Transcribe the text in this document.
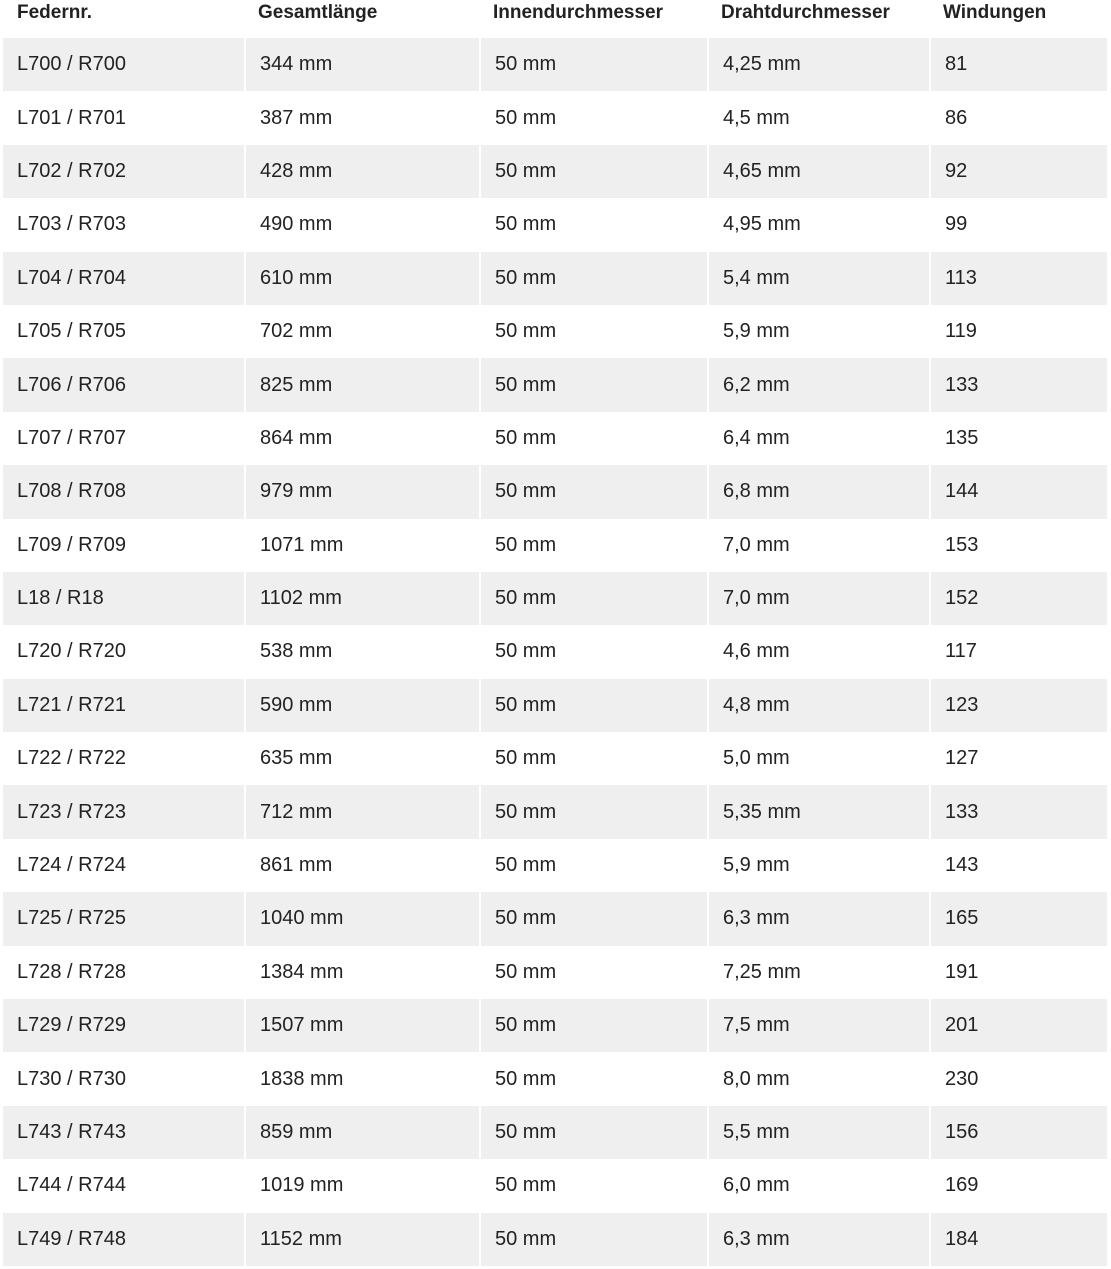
Federnr.	Gesamtlänge	Innendurchmesser	Drahtdurchmesser	Windungen
L700 / R700	344 mm	50 mm	4,25 mm	81
L701 / R701	387 mm	50 mm	4,5 mm	86
L702 / R702	428 mm	50 mm	4,65 mm	92
L703 / R703	490 mm	50 mm	4,95 mm	99
L704 / R704	610 mm	50 mm	5,4 mm	113
L705 / R705	702 mm	50 mm	5,9 mm	119
L706 / R706	825 mm	50 mm	6,2 mm	133
L707 / R707	864 mm	50 mm	6,4 mm	135
L708 / R708	979 mm	50 mm	6,8 mm	144
L709 / R709	1071 mm	50 mm	7,0 mm	153
L18 / R18	1102 mm	50 mm	7,0 mm	152
L720 / R720	538 mm	50 mm	4,6 mm	117
L721 / R721	590 mm	50 mm	4,8 mm	123
L722 / R722	635 mm	50 mm	5,0 mm	127
L723 / R723	712 mm	50 mm	5,35 mm	133
L724 / R724	861 mm	50 mm	5,9 mm	143
L725 / R725	1040 mm	50 mm	6,3 mm	165
L728 / R728	1384 mm	50 mm	7,25 mm	191
L729 / R729	1507 mm	50 mm	7,5 mm	201
L730 / R730	1838 mm	50 mm	8,0 mm	230
L743 / R743	859 mm	50 mm	5,5 mm	156
L744 / R744	1019 mm	50 mm	6,0 mm	169
L749 / R748	1152 mm	50 mm	6,3 mm	184
